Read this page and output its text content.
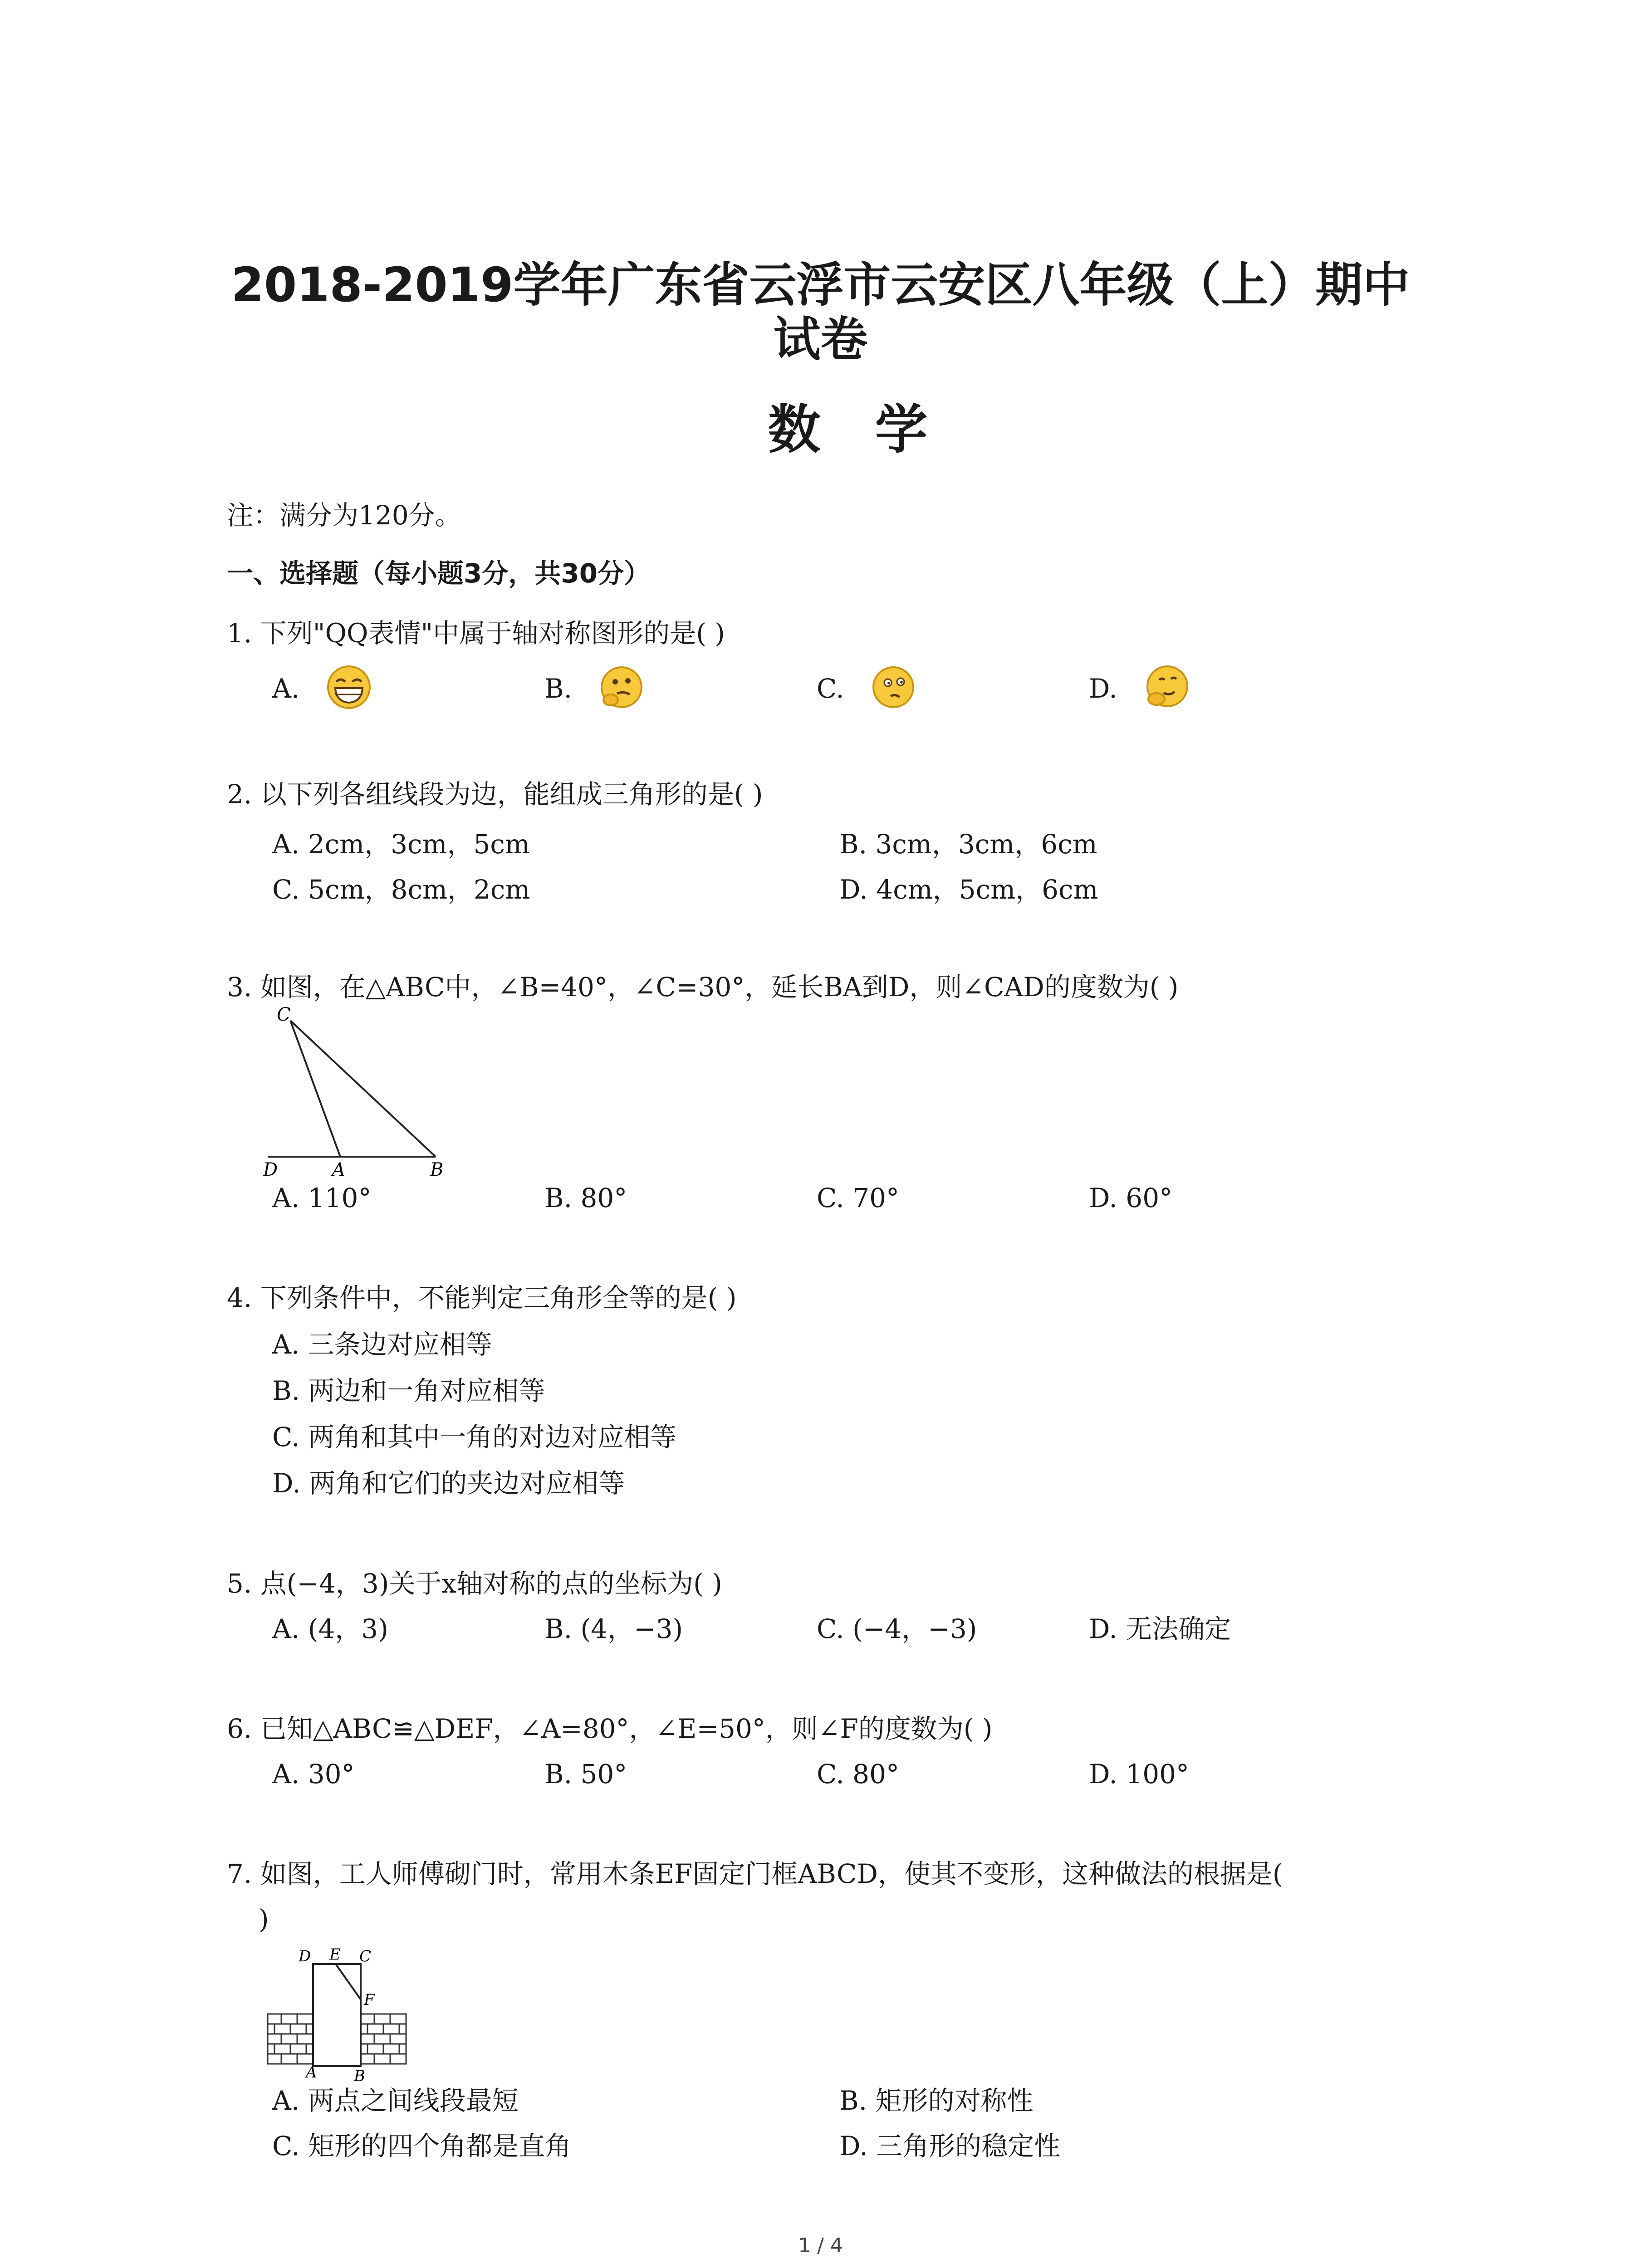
2018-2019学年广东省云浮市云安区八年级（上）期中
试卷
数学
注：满分为120分。
一、选择题（每小题3分，共30分）
1. 下列"QQ表情"中属于轴对称图形的是( )
A.	B.	C.	D.
2. 以下列各组线段为边，能组成三角形的是( )
A. 2cm，3cm，5cm	B. 3cm，3cm，6cm
C. 5cm，8cm，2cm	D. 4cm，5cm，6cm
3. 如图，在△ABC中，∠B=40°，∠C=30°，延长BA到D，则∠CAD的度数为( )
C
D	A	B
A. 110°	B. 80°	C. 70°	D. 60°
4. 下列条件中，不能判定三角形全等的是( )
A. 三条边对应相等
B. 两边和一角对应相等
C. 两角和其中一角的对边对应相等
D. 两角和它们的夹边对应相等
5. 点(−4，3)关于x轴对称的点的坐标为( )
A. (4，3)	B. (4，−3)	C. (−4，−3)	D. 无法确定
6. 已知△ABC≌△DEF，∠A=80°，∠E=50°，则∠F的度数为( )
A. 30°	B. 50°	C. 80°	D. 100°
7. 如图，工人师傅砌门时，常用木条EF固定门框ABCD，使其不变形，这种做法的根据是(
)
D E C
F
A B
A. 两点之间线段最短	B. 矩形的对称性
C. 矩形的四个角都是直角	D. 三角形的稳定性
1 / 4
